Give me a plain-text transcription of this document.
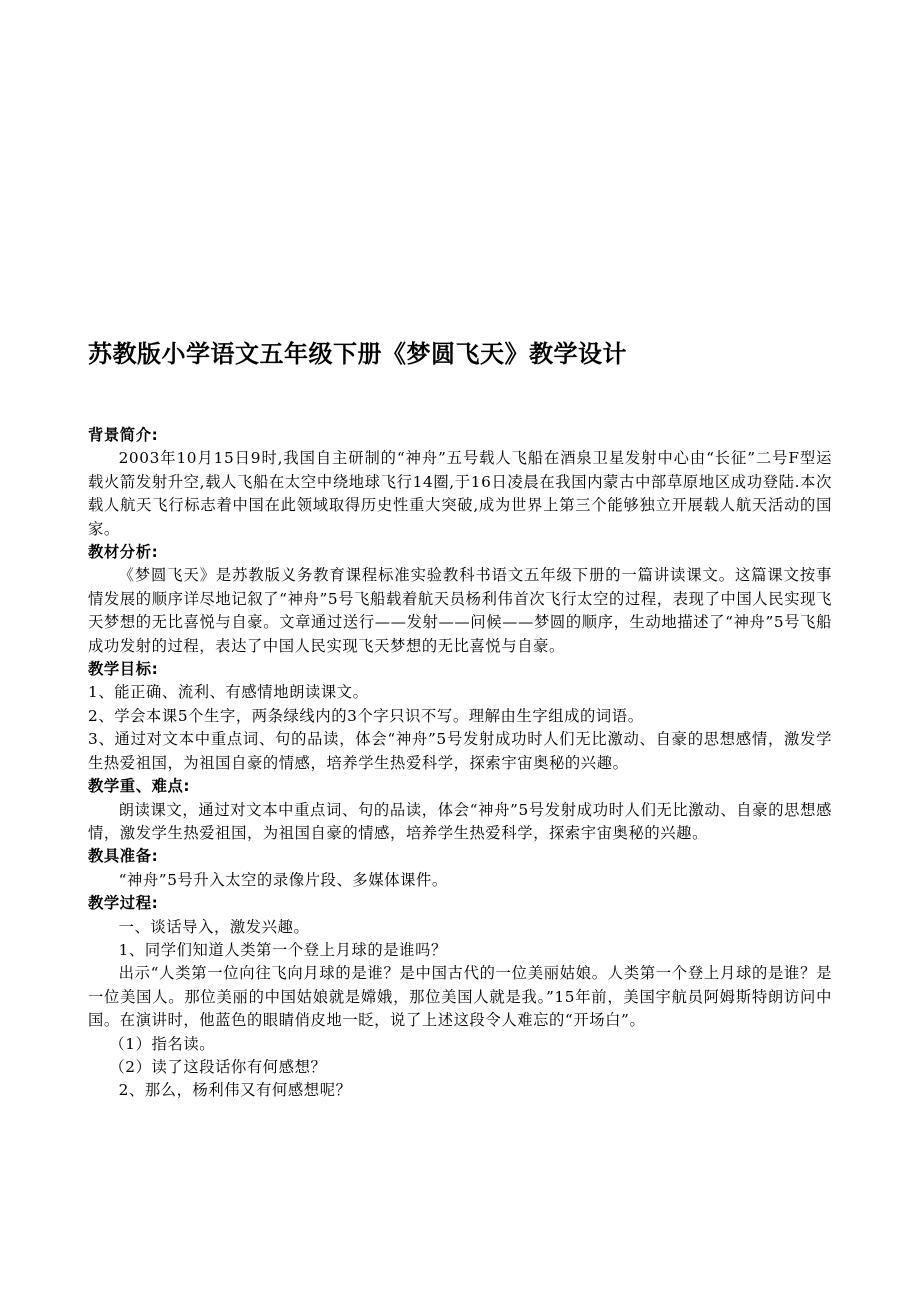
苏教版小学语文五年级下册《梦圆飞天》教学设计

背景简介:

2003年10月15日9时,我国自主研制的“神舟”五号载人飞船在酒泉卫星发射中心由“长征”二号F型运载火箭发射升空,载人飞船在太空中绕地球飞行14圈,于16日凌晨在我国内蒙古中部草原地区成功登陆.本次载人航天飞行标志着中国在此领域取得历史性重大突破,成为世界上第三个能够独立开展载人航天活动的国家。

教材分析:

《梦圆飞天》是苏教版义务教育课程标准实验教科书语文五年级下册的一篇讲读课文。这篇课文按事情发展的顺序详尽地记叙了“神舟”5号飞船载着航天员杨利伟首次飞行太空的过程，表现了中国人民实现飞天梦想的无比喜悦与自豪。文章通过送行——发射——问候——梦圆的顺序，生动地描述了“神舟”5号飞船成功发射的过程，表达了中国人民实现飞天梦想的无比喜悦与自豪。

教学目标:

1、能正确、流利、有感情地朗读课文。

2、学会本课5个生字，两条绿线内的3个字只识不写。理解由生字组成的词语。

3、通过对文本中重点词、句的品读，体会“神舟”5号发射成功时人们无比激动、自豪的思想感情，激发学生热爱祖国，为祖国自豪的情感，培养学生热爱科学，探索宇宙奥秘的兴趣。

教学重、难点:

朗读课文，通过对文本中重点词、句的品读，体会“神舟”5号发射成功时人们无比激动、自豪的思想感情，激发学生热爱祖国，为祖国自豪的情感，培养学生热爱科学，探索宇宙奥秘的兴趣。

教具准备:

“神舟”5号升入太空的录像片段、多媒体课件。

教学过程:

一、谈话导入，激发兴趣。

1、同学们知道人类第一个登上月球的是谁吗？

出示“人类第一位向往飞向月球的是谁？是中国古代的一位美丽姑娘。人类第一个登上月球的是谁？是一位美国人。那位美丽的中国姑娘就是嫦娥，那位美国人就是我。”15年前，美国宇航员阿姆斯特朗访问中国。在演讲时，他蓝色的眼睛俏皮地一眨，说了上述这段令人难忘的“开场白”。

（1）指名读。

（2）读了这段话你有何感想？

2、那么，杨利伟又有何感想呢？
